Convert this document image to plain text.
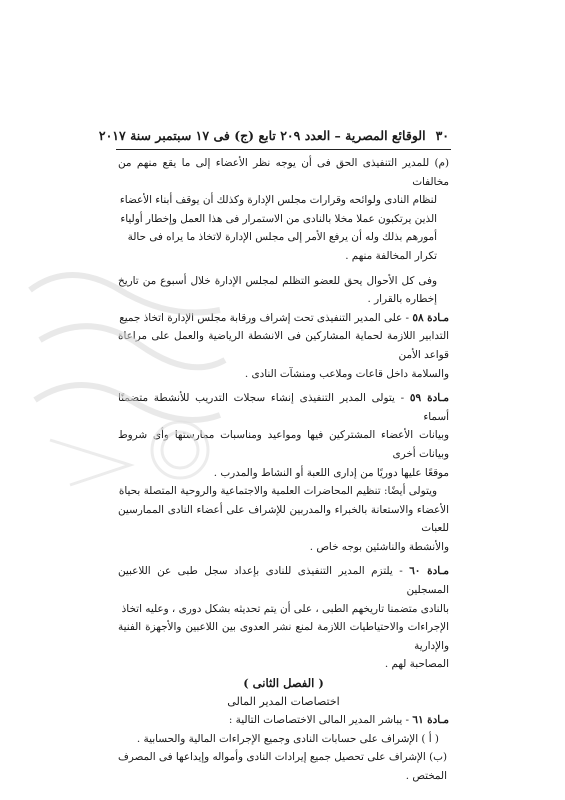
٣٠
الوقائع المصرية – العدد ٢٠٩ تابع (ج) فى ١٧ سبتمبر سنة ٢٠١٧

(م) للمدير التنفيذى الحق فى أن يوجه نظر الأعضاء إلى ما يقع منهم من مخالفات

لنظام النادى ولوائحه وقرارات مجلس الإدارة وكذلك أن يوقف أبناء الأعضاء

الذين يرتكبون عملا مخلا بالنادى من الاستمرار فى هذا العمل وإخطار أولياء

أمورهم بذلك وله أن يرفع الأمر إلى مجلس الإدارة لاتخاذ ما يراه فى حالة

تكرار المخالفة منهم .

وفى كل الأحوال يحق للعضو التظلم لمجلس الإدارة خلال أسبوع من تاريخ إخطاره بالقرار .

مـادة ٥٨ - على المدير التنفيذى تحت إشراف ورقابة مجلس الإدارة اتخاذ جميع

التدابير اللازمة لحماية المشاركين فى الانشطة الرياضية والعمل على مراعاة قواعد الأمن

والسلامة داخل قاعات وملاعب ومنشآت النادى .

مـادة ٥٩ - يتولى المدير التنفيذى إنشاء سجلات التدريب للأنشطة متضمنًا أسماء

وبيانات الأعضاء المشتركين فيها ومواعيد ومناسبات ممارستها وأى شروط وبيانات أخرى

موقعًا عليها دوريًا من إدارى اللعبة أو النشاط والمدرب .

ويتولى أيضًا: تنظيم المحاضرات العلمية والاجتماعية والروحية المتصلة بحياة

الأعضاء والاستعانة بالخبراء والمدربين للإشراف على أعضاء النادى الممارسين للعبات

والأنشطة والناشئين بوجه خاص .

مـادة ٦٠ - يلتزم المدير التنفيذى للنادى بإعداد سجل طبى عن اللاعبين المسجلين

بالنادى متضمنا تاريخهم الطبى ، على أن يتم تحديثه بشكل دورى ، وعليه اتخاذ

الإجراءات والاحتياطيات اللازمة لمنع نشر العدوى بين اللاعبين والأجهزة الفنية والإدارية

المصاحبة لهم .

( الفصل الثانى )

اختصاصات المدير المالى

مـادة ٦١ - يباشر المدير المالى الاختصاصات التالية :

( أ ) الإشراف على حسابات النادى وجميع الإجراءات المالية والحسابية .

(ب) الإشراف على تحصيل جميع إيرادات النادى وأمواله وإيداعها فى المصرف المختص .
